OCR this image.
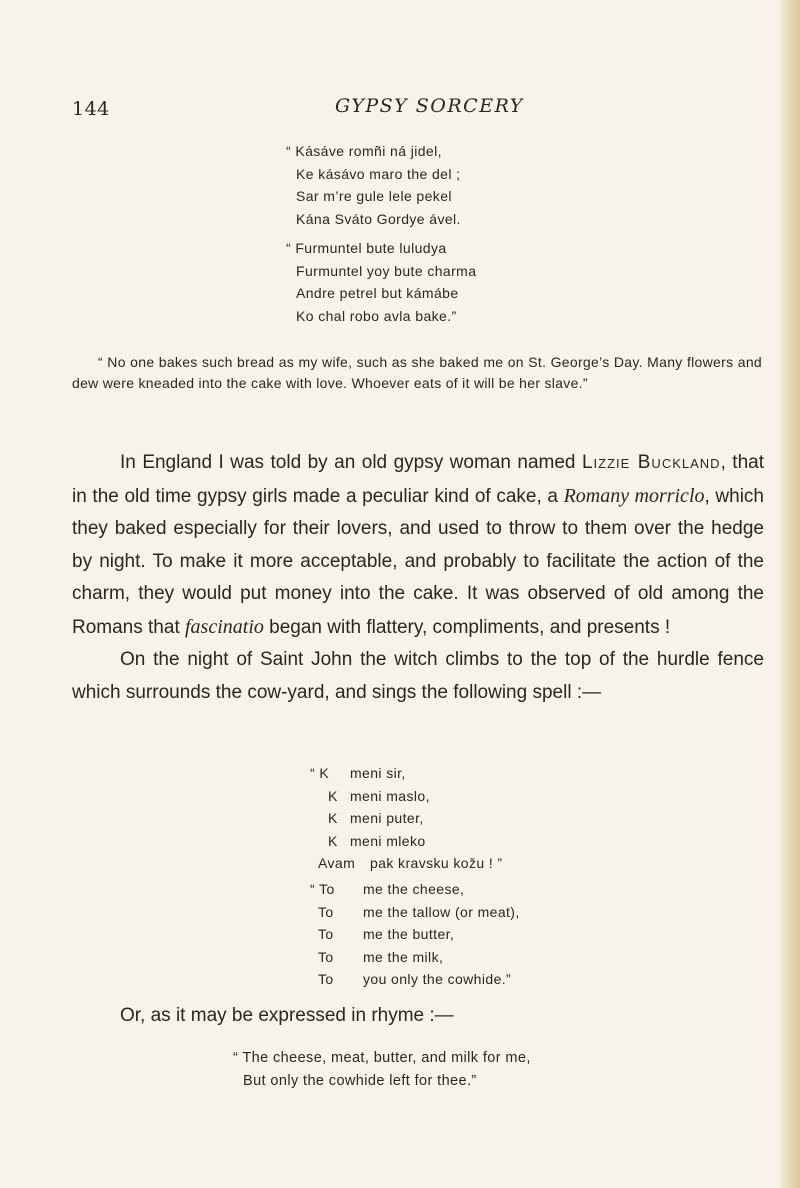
144	GYPSY SORCERY
“ Kásáve romñi ná jidel,
Ke kásávo maro the del ;
Sar m’re gule lele pekel
Kána Sváto Gordye ável.
“ Furmuntel bute luludya
Furmuntel yoy bute charma
Andre petrel but kámábe
Ko chal robo avla bake.”

“ No one bakes such bread as my wife, such as she baked me on St. George’s Day. Many flowers and dew were kneaded into the cake with love. Whoever eats of it will be her slave.”

In England I was told by an old gypsy woman named Lizzie Buckland, that in the old time gypsy girls made a peculiar kind of cake, a Romany morriclo, which they baked especially for their lovers, and used to throw to them over the hedge by night. To make it more acceptable, and probably to facilitate the action of the charm, they would put money into the cake. It was observed of old among the Romans that fascinatio began with flattery, compliments, and presents !

On the night of Saint John the witch climbs to the top of the hurdle fence which surrounds the cow-yard, and sings the following spell :—

“ K	meni sir,
K meni maslo,
K meni puter,
K meni mleko
Avam	pak kravsku kožu ! ”
“ To	me the cheese,
To	me the tallow (or meat),
To	me the butter,
To	me the milk,
To	you only the cowhide.”

Or, as it may be expressed in rhyme :—

“ The cheese, meat, butter, and milk for me,
But only the cowhide left for thee.”
